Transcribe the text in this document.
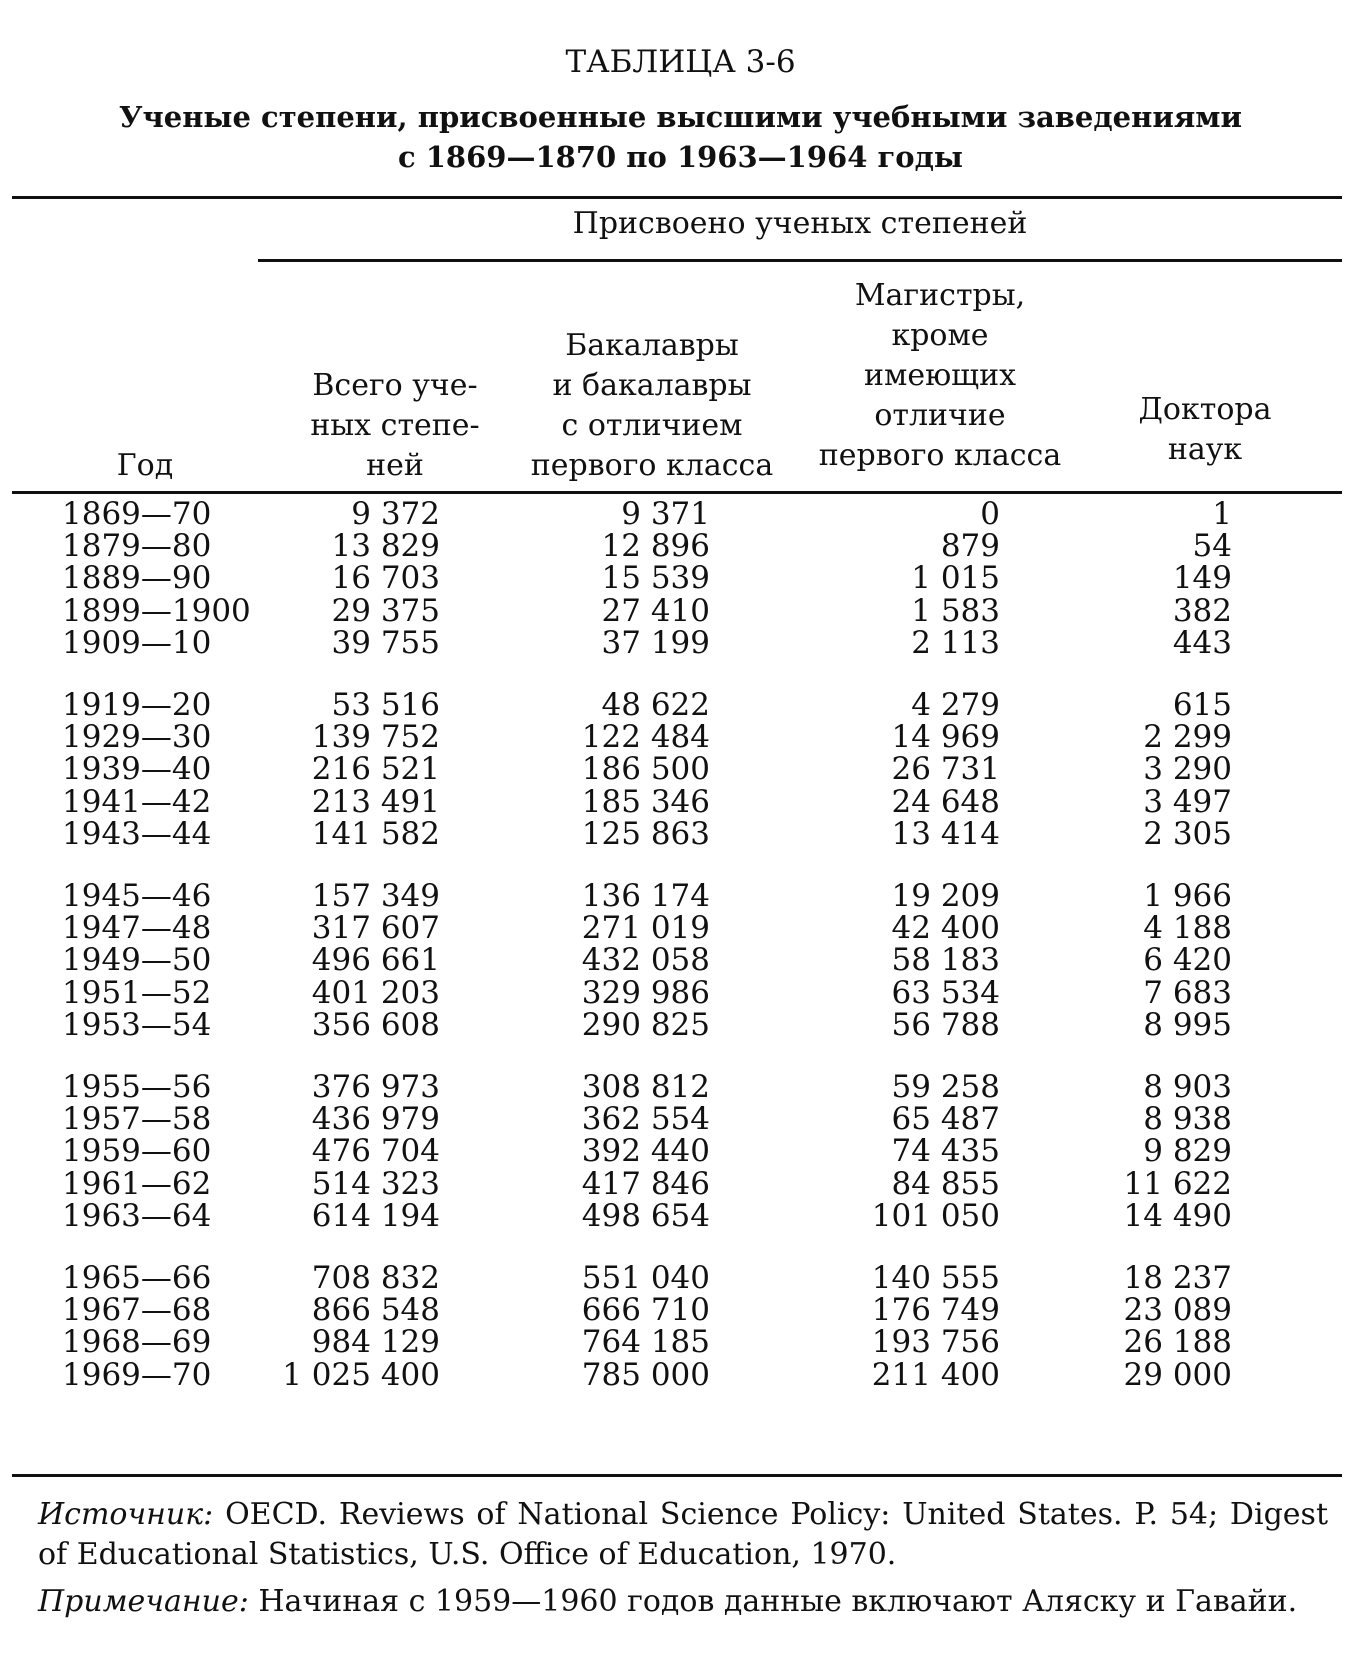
ТАБЛИЦА 3-6
Ученые степени, присвоенные высшими учебными заведениями
с 1869—1870 по 1963—1964 годы
Присвоено ученых степеней
Год
Всего уче-
ных степе-
ней
Бакалавры
и бакалавры
с отличием
первого класса
Магистры,
кроме
имеющих
отличие
первого класса
Доктора
наук
1869—70	9 372	9 371	0	1
1879—80	13 829	12 896	879	54
1889—90	16 703	15 539	1 015	149
1899—1900	29 375	27 410	1 583	382
1909—10	39 755	37 199	2 113	443
1919—20	53 516	48 622	4 279	615
1929—30	139 752	122 484	14 969	2 299
1939—40	216 521	186 500	26 731	3 290
1941—42	213 491	185 346	24 648	3 497
1943—44	141 582	125 863	13 414	2 305
1945—46	157 349	136 174	19 209	1 966
1947—48	317 607	271 019	42 400	4 188
1949—50	496 661	432 058	58 183	6 420
1951—52	401 203	329 986	63 534	7 683
1953—54	356 608	290 825	56 788	8 995
1955—56	376 973	308 812	59 258	8 903
1957—58	436 979	362 554	65 487	8 938
1959—60	476 704	392 440	74 435	9 829
1961—62	514 323	417 846	84 855	11 622
1963—64	614 194	498 654	101 050	14 490
1965—66	708 832	551 040	140 555	18 237
1967—68	866 548	666 710	176 749	23 089
1968—69	984 129	764 185	193 756	26 188
1969—70	1 025 400	785 000	211 400	29 000
Источник: OECD. Reviews of National Science Policy: United States. P. 54; Digest of Educational Statistics, U.S. Office of Education, 1970.
Примечание: Начиная с 1959—1960 годов данные включают Аляску и Гавайи.
